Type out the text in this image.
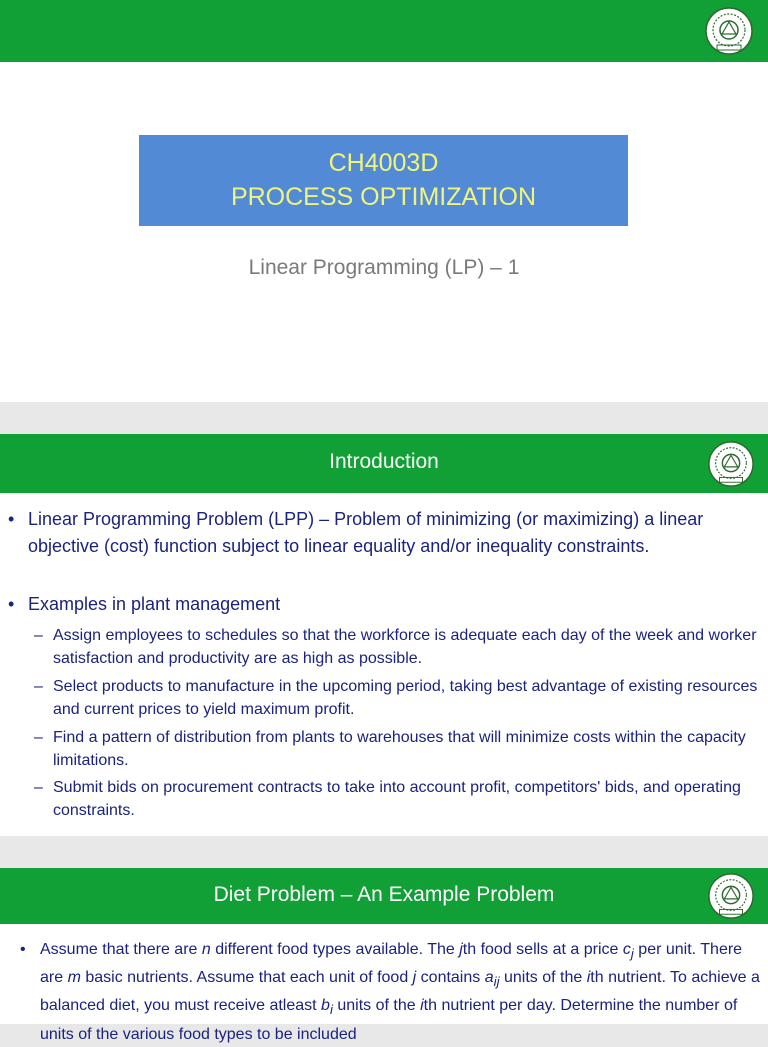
CH4003D
PROCESS OPTIMIZATION
Linear Programming (LP) – 1
Introduction
• Linear Programming Problem (LPP) – Problem of minimizing (or maximizing) a linear objective (cost) function subject to linear equality and/or inequality constraints.
• Examples in plant management
– Assign employees to schedules so that the workforce is adequate each day of the week and worker satisfaction and productivity are as high as possible.
– Select products to manufacture in the upcoming period, taking best advantage of existing resources and current prices to yield maximum profit.
– Find a pattern of distribution from plants to warehouses that will minimize costs within the capacity limitations.
– Submit bids on procurement contracts to take into account profit, competitors' bids, and operating constraints.
Diet Problem – An Example Problem
• Assume that there are n different food types available. The jth food sells at a price $c_j$ per unit. There are m basic nutrients. Assume that each unit of food j contains $a_{ij}$ units of the ith nutrient. To achieve a balanced diet, you must receive atleast $b_i$ units of the ith nutrient per day. Determine the number of units of the various food types to be included
